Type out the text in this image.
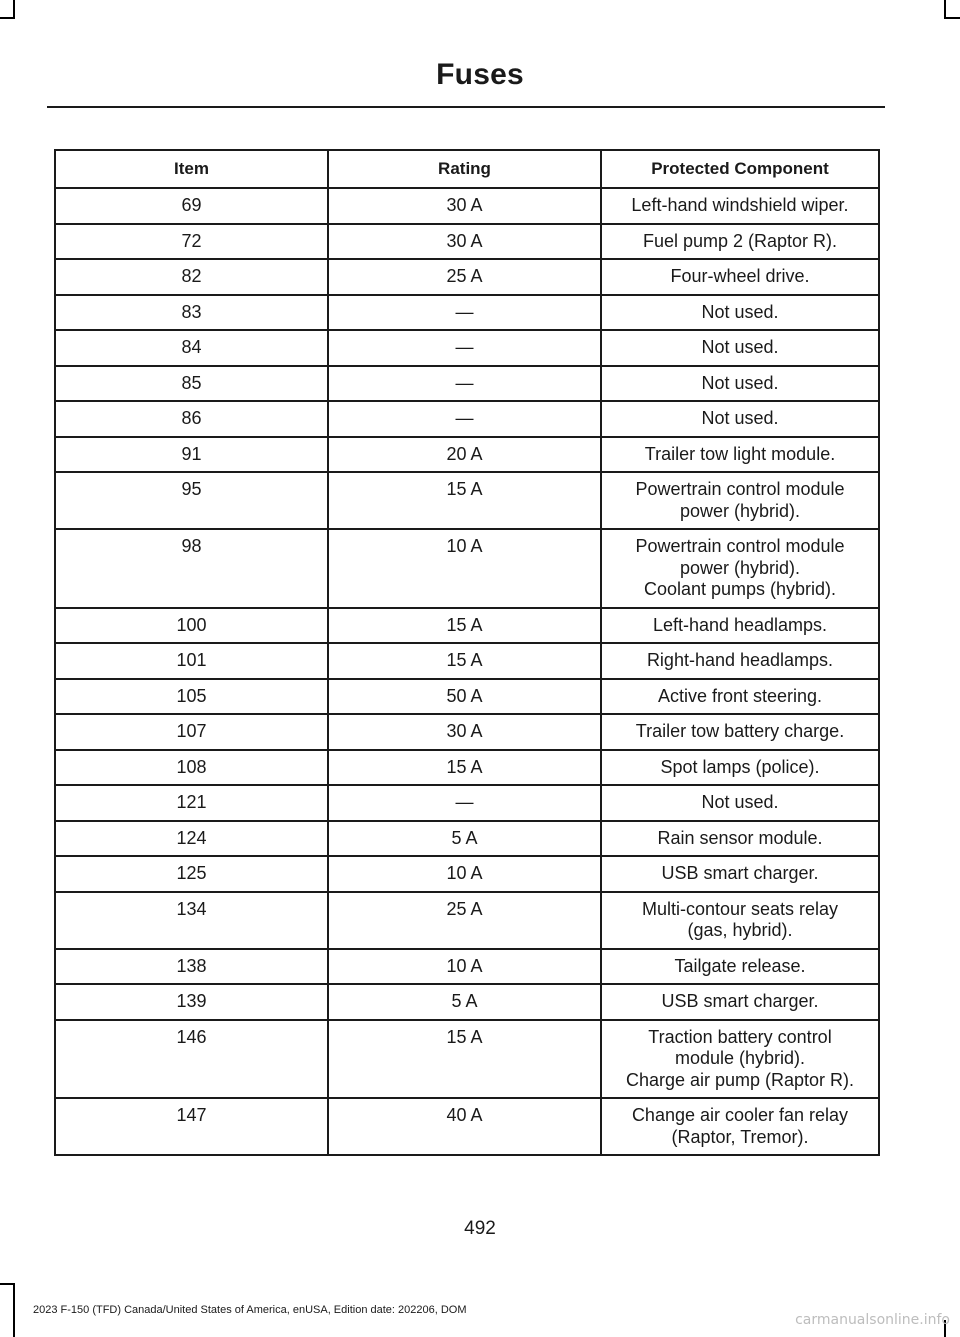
Fuses
Item	Rating	Protected Component
69	30 A	Left-hand windshield wiper.

72	30 A	Fuel pump 2 (Raptor R).

82	25 A	Four-wheel drive.

83	—	Not used.

84	—	Not used.

85	—	Not used.

86	—	Not used.

91	20 A	Trailer tow light module.

95	15 A	Powertrain control module
power (hybrid).

98	10 A	Powertrain control module
power (hybrid).
Coolant pumps (hybrid).

100	15 A	Left-hand headlamps.

101	15 A	Right-hand headlamps.

105	50 A	Active front steering.

107	30 A	Trailer tow battery charge.

108	15 A	Spot lamps (police).

121	—	Not used.

124	5 A	Rain sensor module.

125	10 A	USB smart charger.

134	25 A	Multi-contour seats relay
(gas, hybrid).

138	10 A	Tailgate release.

139	5 A	USB smart charger.

146	15 A	Traction battery control
module (hybrid).
Charge air pump (Raptor R).

147	40 A	Change air cooler fan relay
(Raptor, Tremor).
492
2023 F-150 (TFD) Canada/United States of America, enUSA, Edition date: 202206, DOM
carmanualsonline.info
